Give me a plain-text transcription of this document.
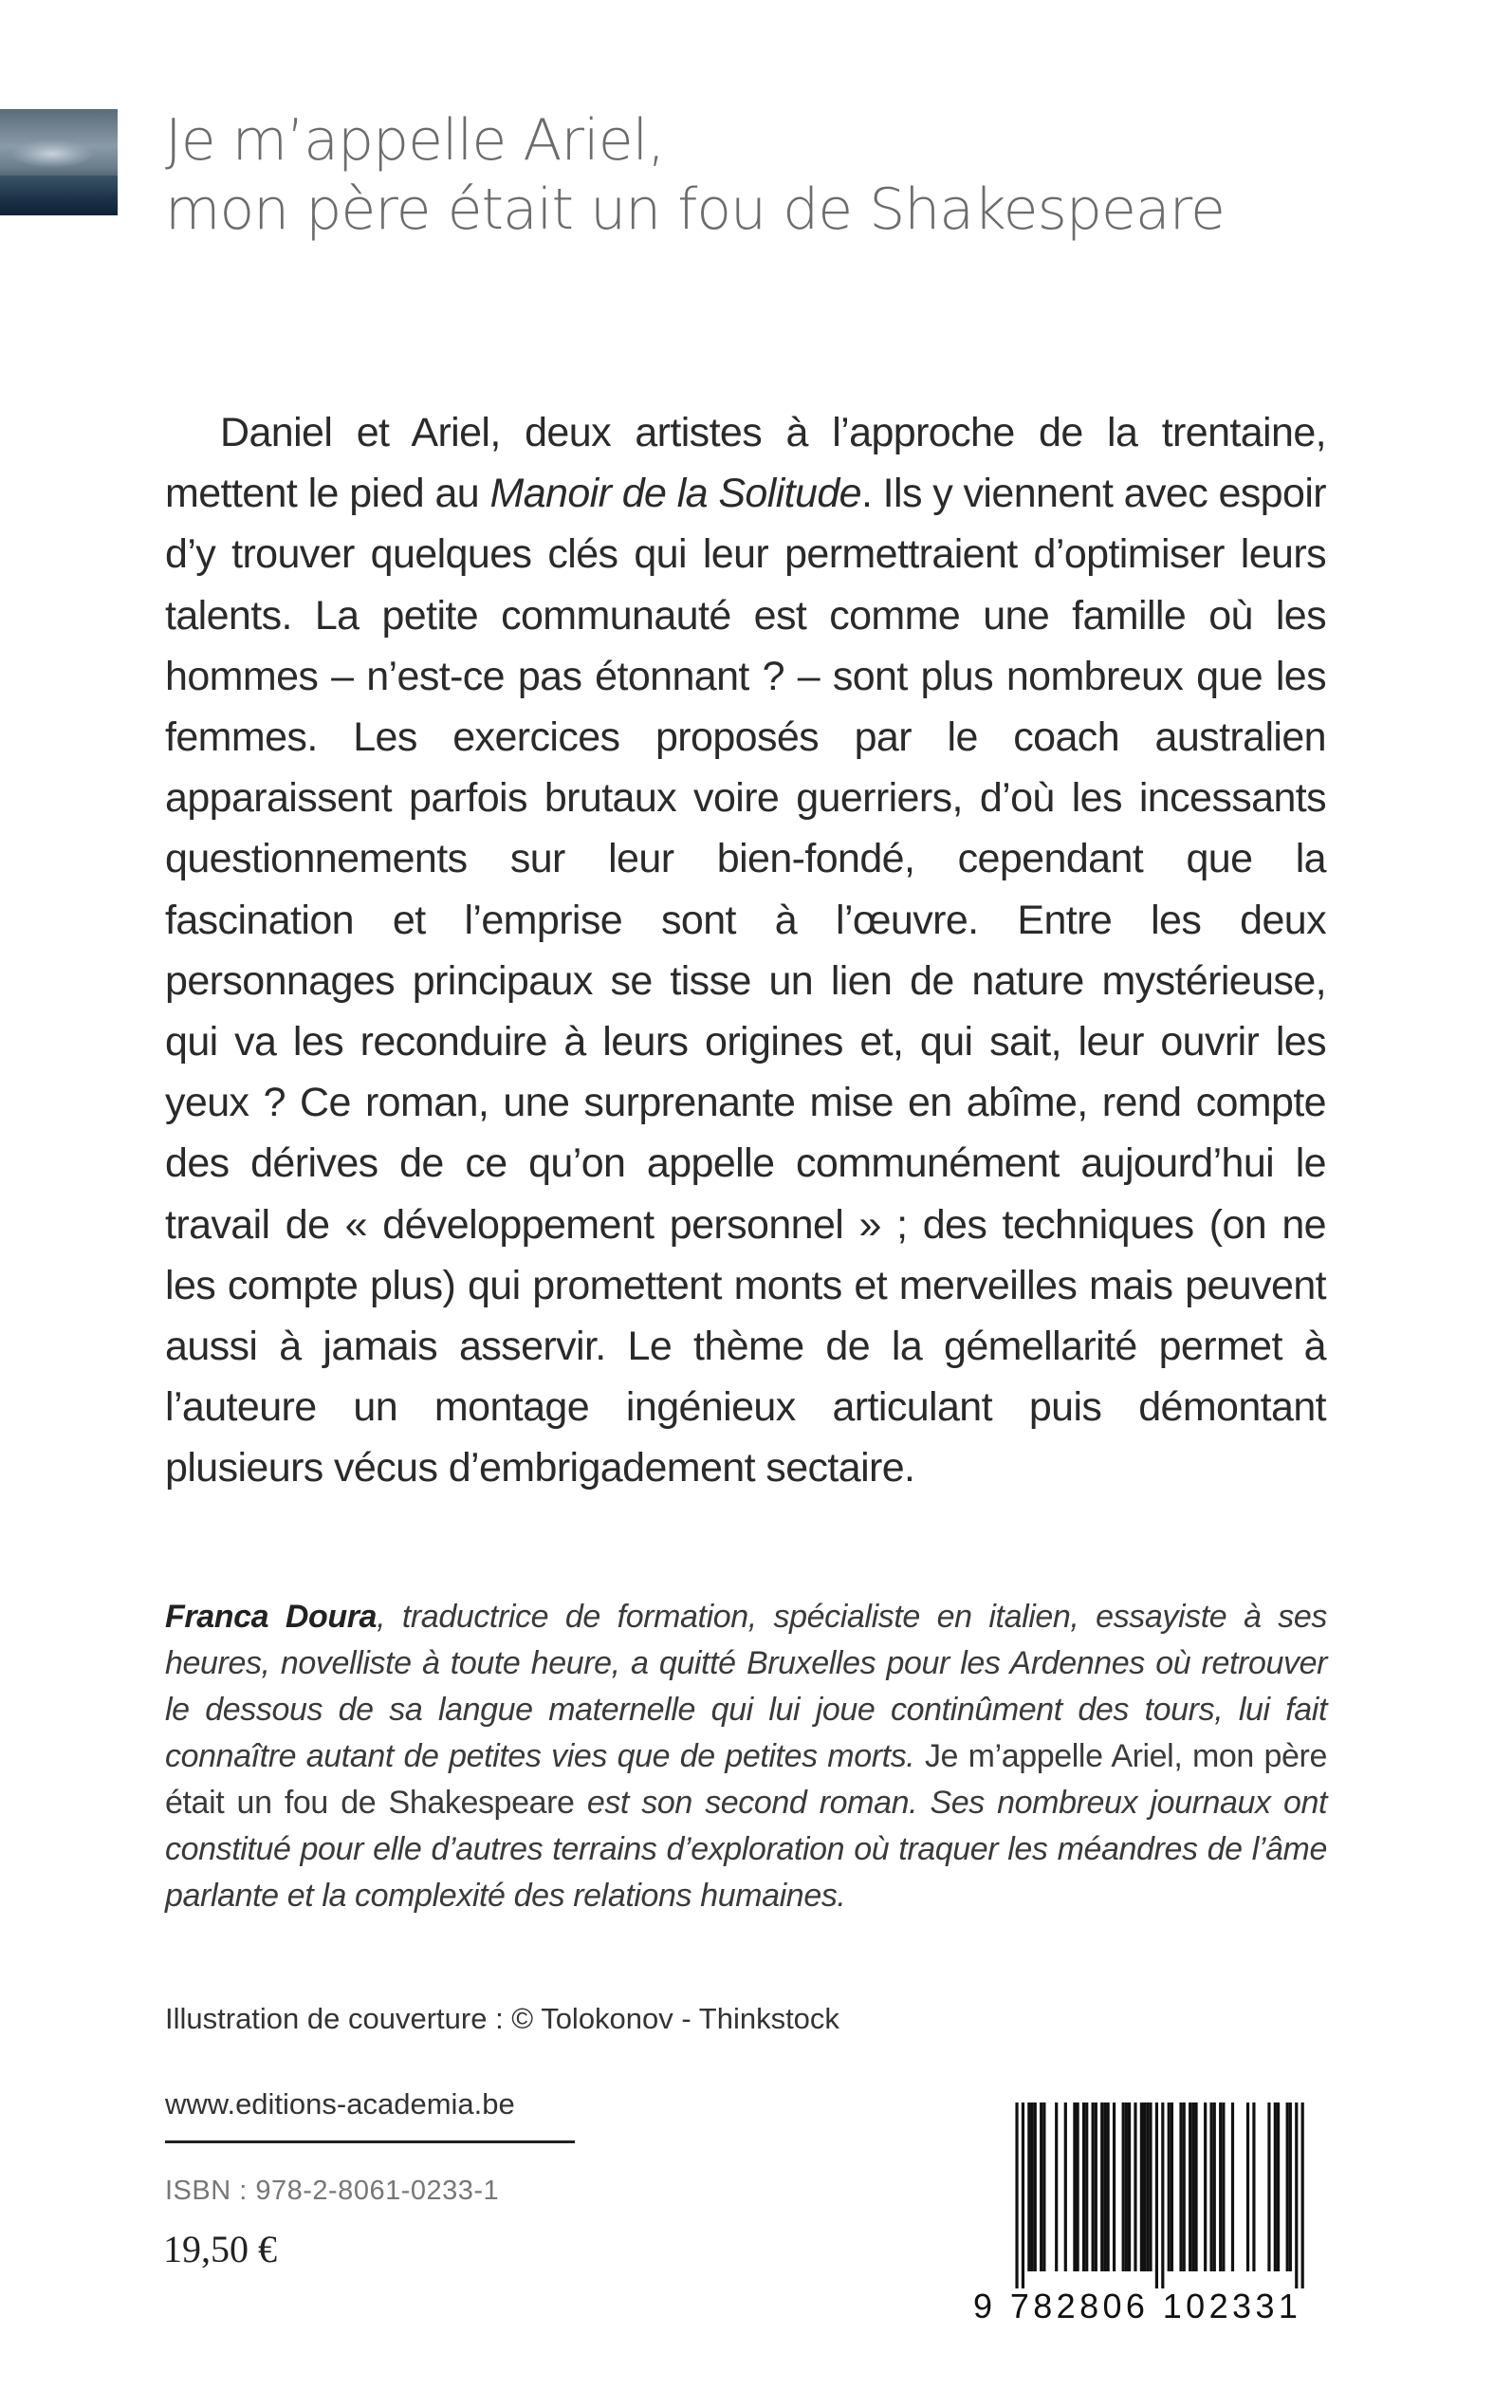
Je m’appelle Ariel,
mon père était un fou de Shakespeare
Daniel et Ariel, deux artistes à l’approche de la trentaine, mettent le pied au Manoir de la Solitude. Ils y viennent avec espoir d’y trouver quelques clés qui leur permettraient d’optimiser leurs talents. La petite communauté est comme une famille où les hommes – n’est-ce pas étonnant ? – sont plus nombreux que les femmes. Les exercices proposés par le coach australien apparaissent parfois brutaux voire guerriers, d’où les incessants questionnements sur leur bien-fondé, cependant que la fascination et l’emprise sont à l’œuvre. Entre les deux personnages principaux se tisse un lien de nature mystérieuse, qui va les reconduire à leurs origines et, qui sait, leur ouvrir les yeux ? Ce roman, une surprenante mise en abîme, rend compte des dérives de ce qu’on appelle communément aujourd’hui le travail de « développement personnel » ; des techniques (on ne les compte plus) qui promettent monts et merveilles mais peuvent aussi à jamais asservir. Le thème de la gémellarité permet à l’auteure un montage ingénieux articulant puis démontant plusieurs vécus d’embrigadement sectaire.
Franca Doura, traductrice de formation, spécialiste en italien, essayiste à ses heures, novelliste à toute heure, a quitté Bruxelles pour les Ardennes où retrouver le dessous de sa langue maternelle qui lui joue continûment des tours, lui fait connaître autant de petites vies que de petites morts. Je m’appelle Ariel, mon père était un fou de Shakespeare est son second roman. Ses nombreux journaux ont constitué pour elle d’autres terrains d’exploration où traquer les méandres de l’âme parlante et la complexité des relations humaines.
Illustration de couverture : © Tolokonov - Thinkstock
www.editions-academia.be
ISBN : 978-2-8061-0233-1
19,50 €
9 782806 102331
